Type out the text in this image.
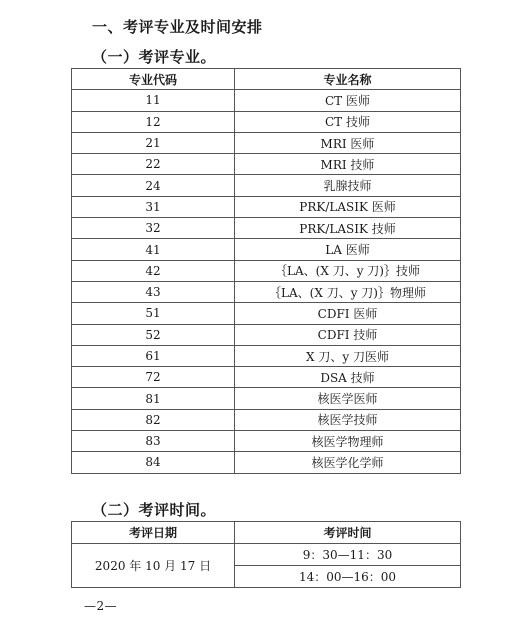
一、考评专业及时间安排
（一）考评专业。
专业代码	专业名称
11	CT 医师
12	CT 技师
21	MRI 医师
22	MRI 技师
24	乳腺技师
31	PRK/LASIK 医师
32	PRK/LASIK 技师
41	LA 医师
42	｛LA、(X 刀、y 刀)｝技师
43	｛LA、(X 刀、y 刀)｝物理师
51	CDFI 医师
52	CDFI 技师
61	X 刀、y 刀医师
72	DSA 技师
81	核医学医师
82	核医学技师
83	核医学物理师
84	核医学化学师
（二）考评时间。
考评日期	考评时间
2020 年 10 月 17 日	9：30—11：30
	14：00—16：00
—2—
